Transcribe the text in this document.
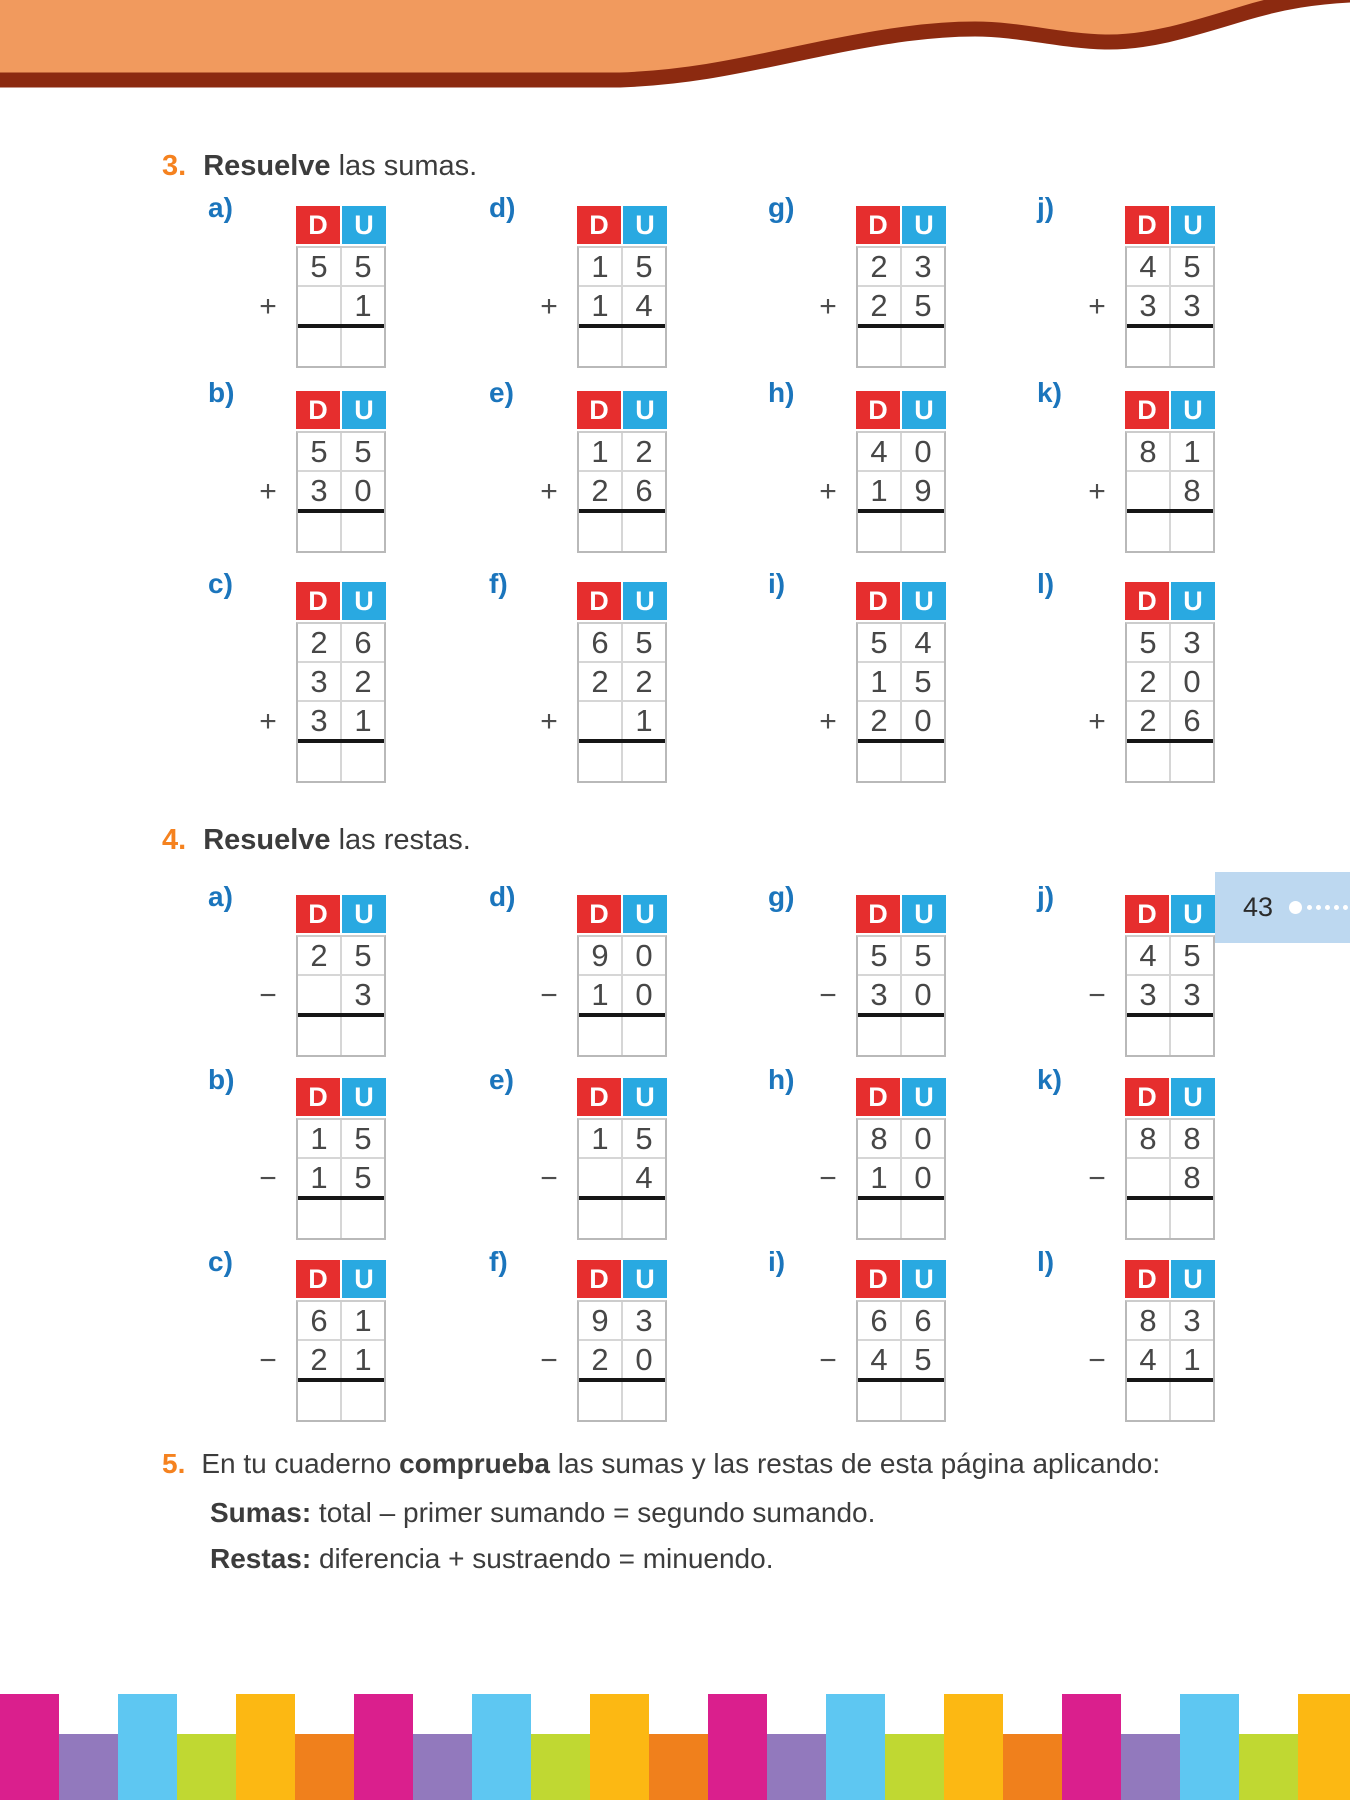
3. Resuelve las sumas.
a)
+
D U
5 5
1
b)
+
D U
5 5
3 0
c)
+
D U
2 6
3 2
3 1
d)
+
D U
1 5
1 4
e)
+
D U
1 2
2 6
f)
+
D U
6 5
2 2
1
g)
+
D U
2 3
2 5
h)
+
D U
4 0
1 9
i)
+
D U
5 4
1 5
2 0
j)
+
D U
4 5
3 3
k)
+
D U
8 1
8
l)
+
D U
5 3
2 0
2 6
4. Resuelve las restas.
a)
−
D U
2 5
3
b)
−
D U
1 5
1 5
c)
−
D U
6 1
2 1
d)
−
D U
9 0
1 0
e)
−
D U
1 5
4
f)
−
D U
9 3
2 0
g)
−
D U
5 5
3 0
h)
−
D U
8 0
1 0
i)
−
D U
6 6
4 5
j)
−
D U
4 5
3 3
k)
−
D U
8 8
8
l)
−
D U
8 3
4 1
43
5. En tu cuaderno comprueba las sumas y las restas de esta página aplicando:
Sumas: total – primer sumando = segundo sumando.
Restas: diferencia + sustraendo = minuendo.
